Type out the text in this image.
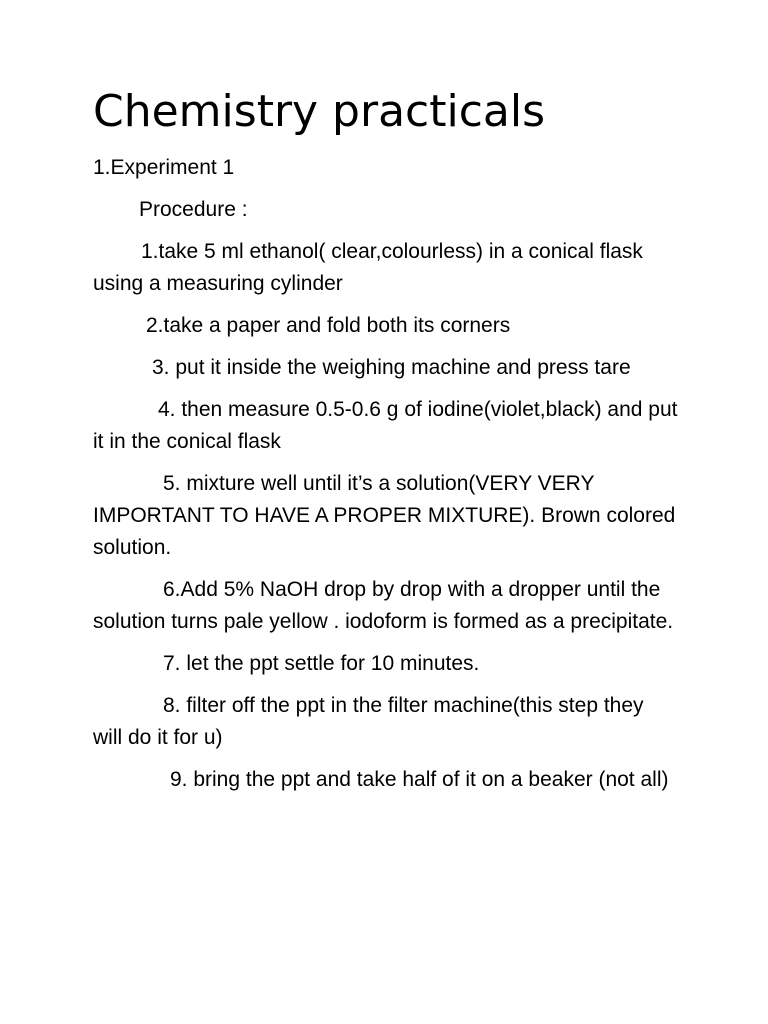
Chemistry practicals

1.Experiment 1

Procedure :

1.take 5 ml ethanol( clear,colourless) in a conical flask using a measuring cylinder

2.take a paper and fold both its corners

3. put it inside the weighing machine and press tare

4. then measure 0.5-0.6 g of iodine(violet,black) and put it in the conical flask

5. mixture well until it’s a solution(VERY VERY IMPORTANT TO HAVE A PROPER MIXTURE). Brown colored solution.

6.Add 5% NaOH drop by drop with a dropper until the solution turns pale yellow . iodoform is formed as a precipitate.

7. let the ppt settle for 10 minutes.

8. filter off the ppt in the filter machine(this step they will do it for u)

9. bring the ppt and take half of it on a beaker (not all)
